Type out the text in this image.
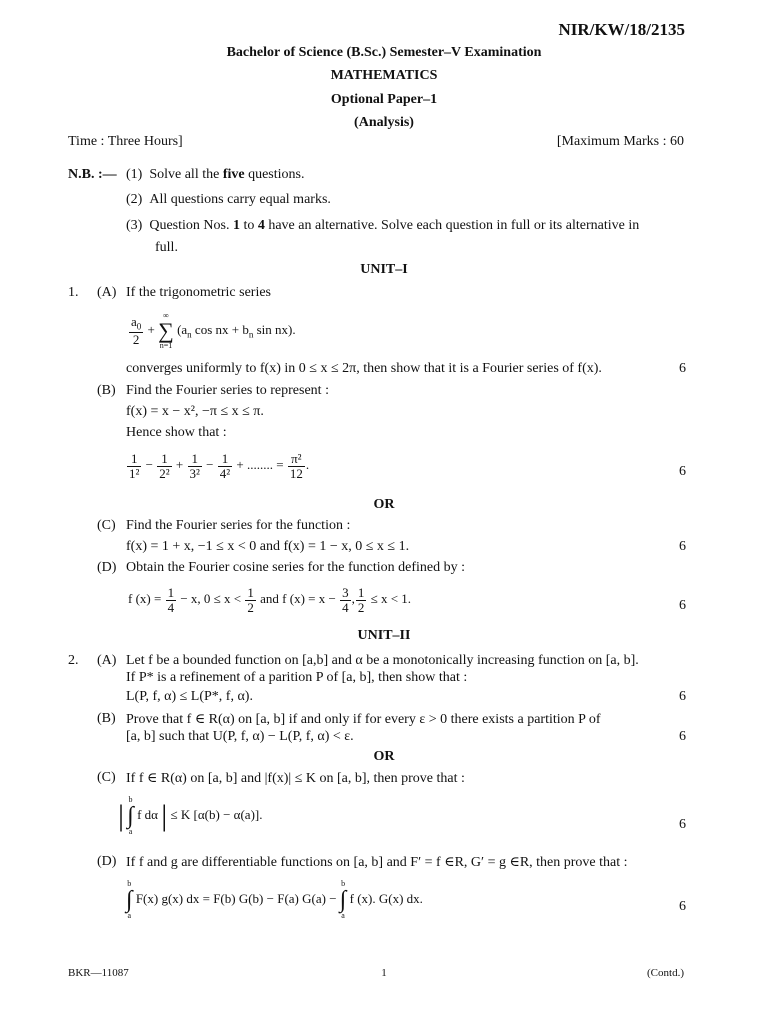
NIR/KW/18/2135
Bachelor of Science (B.Sc.) Semester–V Examination
MATHEMATICS
Optional Paper–1
(Analysis)
Time : Three Hours]	[Maximum Marks : 60
N.B. :— (1) Solve all the five questions.
(2) All questions carry equal marks.
(3) Question Nos. 1 to 4 have an alternative. Solve each question in full or its alternative in
full.
UNIT–I
1. (A) If the trigonometric series
$\frac{a_0}{2}$ +
∞
∑
n=1
($a_n$ cos nx + $b_n$ sin nx).
converges uniformly to f(x) in 0 ≤ x ≤ 2π, then show that it is a Fourier series of f(x).	6
(B) Find the Fourier series to represent :
f(x) = x − x², −π ≤ x ≤ π.
Hence show that :
$\frac{1}{\text{1²}} - \frac{1}{\text{2²}} + \frac{1}{\text{3²}} - \frac{1}{\text{4²}}$ + ........ = $\frac{\text{π²}}{12}$ .	6
OR
(C) Find the Fourier series for the function :
f(x) = 1 + x, −1 ≤ x < 0 and f(x) = 1 − x, 0 ≤ x ≤ 1.	6
(D) Obtain the Fourier cosine series for the function defined by :
f $(x) = \frac{1}{4} - x$, $0 \le x < \frac{1}{2}$ and f $(x) = x - \frac{3}{4}$ , $\frac{1}{2} \le x < 1$.	6
UNIT–II
2. (A) Let f be a bounded function on [a,b] and α be a monotonically increasing function on [a, b].
If P* is a refinement of a parition P of [a, b], then show that :
L(P, f, α) ≤ L(P*, f, α).	6
(B) Prove that f ∈ R(α) on [a, b] if and only if for every ε > 0 there exists a partition P of
[a, b] such that U(P, f, α) − L(P, f, α) < ε.	6
OR
(C) If f ∈ R(α) on [a, b] and |f(x)| ≤ K on [a, b], then prove that :
| b
∫
a
f dα | ≤ K [α(b) − α(a)].
6
(D) If f and g are differentiable functions on [a, b] and F′ = f ∈R, G′ = g ∈R, then prove that :
b
∫
a
F(x) g(x) dx = F(b) G(b) − F(a) G(a) −
b
∫
a
f (x). G(x) dx.
6
BKR—11087	1	(Contd.)
